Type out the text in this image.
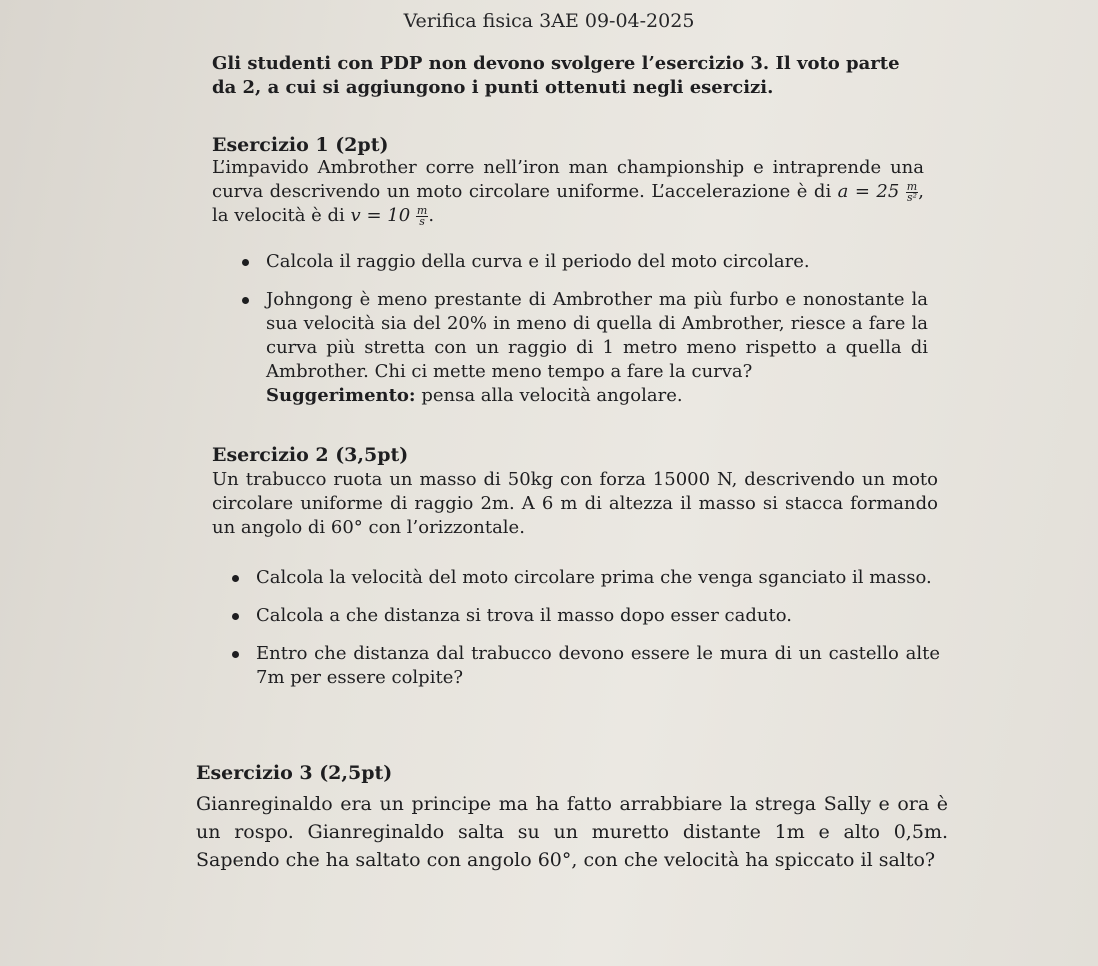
Verifica fisica 3AE 09-04-2025
Gli studenti con PDP non devono svolgere l’esercizio 3. Il voto parte da 2, a cui si aggiungono i punti ottenuti negli esercizi.
Esercizio 1 (2pt)
L’impavido Ambrother corre nell’iron man championship e intraprende una curva descrivendo un moto circolare uniforme. L’accelerazione è di $a = 25 \frac{m}{\text{s²}}$ , la velocità è di $v = 10 \frac{m}{s}$ .
Calcola il raggio della curva e il periodo del moto circolare.
Johngong è meno prestante di Ambrother ma più furbo e nonostante la sua velocità sia del 20% in meno di quella di Ambrother, riesce a fare la curva più stretta con un raggio di 1 metro meno rispetto a quella di Ambrother. Chi ci mette meno tempo a fare la curva?
Suggerimento: pensa alla velocità angolare.
Esercizio 2 (3,5pt)
Un trabucco ruota un masso di 50kg con forza 15000 N, descrivendo un moto circolare uniforme di raggio 2m. A 6 m di altezza il masso si stacca formando un angolo di 60° con l’orizzontale.
Calcola la velocità del moto circolare prima che venga sganciato il masso.
Calcola a che distanza si trova il masso dopo esser caduto.
Entro che distanza dal trabucco devono essere le mura di un castello alte 7m per essere colpite?
Esercizio 3 (2,5pt)
Gianreginaldo era un principe ma ha fatto arrabbiare la strega Sally e ora è un rospo. Gianreginaldo salta su un muretto distante 1m e alto 0,5m. Sapendo che ha saltato con angolo 60°, con che velocità ha spiccato il salto?
